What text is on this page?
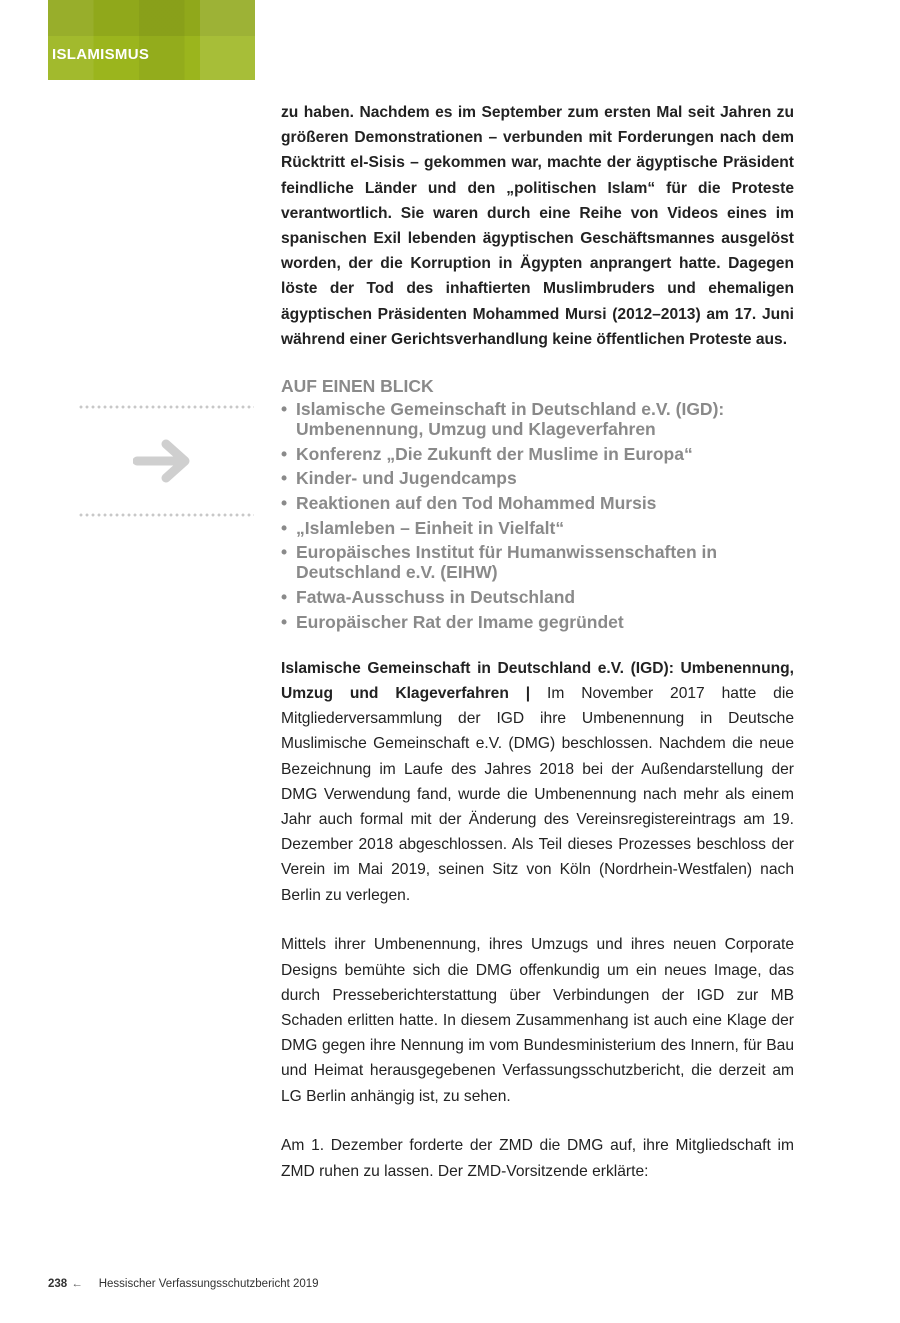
ISLAMISMUS

zu haben. Nachdem es im September zum ersten Mal seit Jahren zu größeren Demonstrationen – verbunden mit Forderungen nach dem Rücktritt el-Sisis – gekommen war, machte der ägyptische Präsident feindliche Länder und den „politischen Islam“ für die Proteste verantwortlich. Sie waren durch eine Reihe von Videos eines im spanischen Exil lebenden ägyptischen Geschäftsmannes ausgelöst worden, der die Korruption in Ägypten anprangert hatte. Dagegen löste der Tod des inhaftierten Muslimbruders und ehemaligen ägyptischen Präsidenten Mohammed Mursi (2012–2013) am 17. Juni während einer Gerichtsverhandlung keine öffentlichen Proteste aus.

AUF EINEN BLICK
• Islamische Gemeinschaft in Deutschland e.V. (IGD): Umbenennung, Umzug und Klageverfahren
• Konferenz „Die Zukunft der Muslime in Europa“
• Kinder- und Jugendcamps
• Reaktionen auf den Tod Mohammed Mursis
• „Islamleben – Einheit in Vielfalt“
• Europäisches Institut für Humanwissenschaften in Deutschland e.V. (EIHW)
• Fatwa-Ausschuss in Deutschland
• Europäischer Rat der Imame gegründet

Islamische Gemeinschaft in Deutschland e.V. (IGD): Umbenennung, Umzug und Klageverfahren | Im November 2017 hatte die Mitgliederversammlung der IGD ihre Umbenennung in Deutsche Muslimische Gemeinschaft e.V. (DMG) beschlossen. Nachdem die neue Bezeichnung im Laufe des Jahres 2018 bei der Außendarstellung der DMG Verwendung fand, wurde die Umbenennung nach mehr als einem Jahr auch formal mit der Änderung des Vereinsregistereintrags am 19. Dezember 2018 abgeschlossen. Als Teil dieses Prozesses beschloss der Verein im Mai 2019, seinen Sitz von Köln (Nordrhein-Westfalen) nach Berlin zu verlegen.

Mittels ihrer Umbenennung, ihres Umzugs und ihres neuen Corporate Designs bemühte sich die DMG offenkundig um ein neues Image, das durch Presseberichterstattung über Verbindungen der IGD zur MB Schaden erlitten hatte. In diesem Zusammenhang ist auch eine Klage der DMG gegen ihre Nennung im vom Bundesministerium des Innern, für Bau und Heimat herausgegebenen Verfassungsschutzbericht, die derzeit am LG Berlin anhängig ist, zu sehen.

Am 1. Dezember forderte der ZMD die DMG auf, ihre Mitgliedschaft im ZMD ruhen zu lassen. Der ZMD-Vorsitzende erklärte:

238 ← Hessischer Verfassungsschutzbericht 2019
